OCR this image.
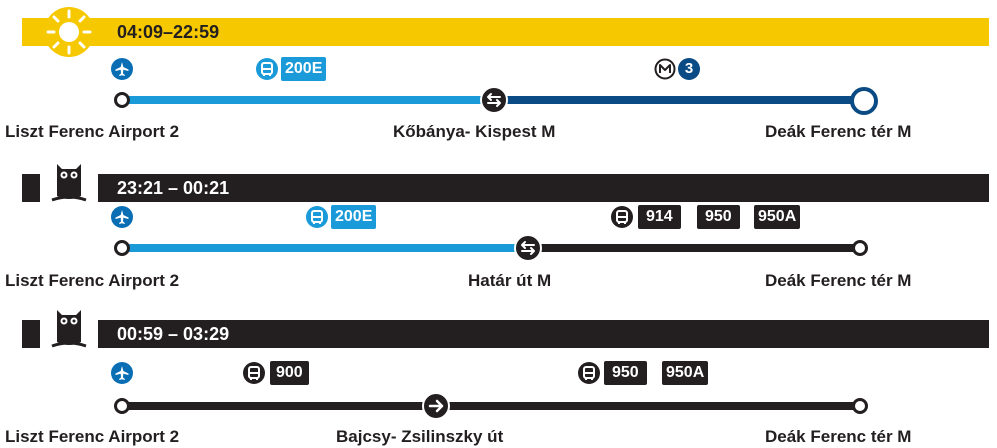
04:09–22:59
200E	3
Liszt Ferenc Airport 2	Kőbánya- Kispest M	Deák Ferenc tér M
23:21 – 00:21
200E	914	950	950A
Liszt Ferenc Airport 2	Határ út M	Deák Ferenc tér M
00:59 – 03:29
900	950	950A
Liszt Ferenc Airport 2	Bajcsy- Zsilinszky út	Deák Ferenc tér M
